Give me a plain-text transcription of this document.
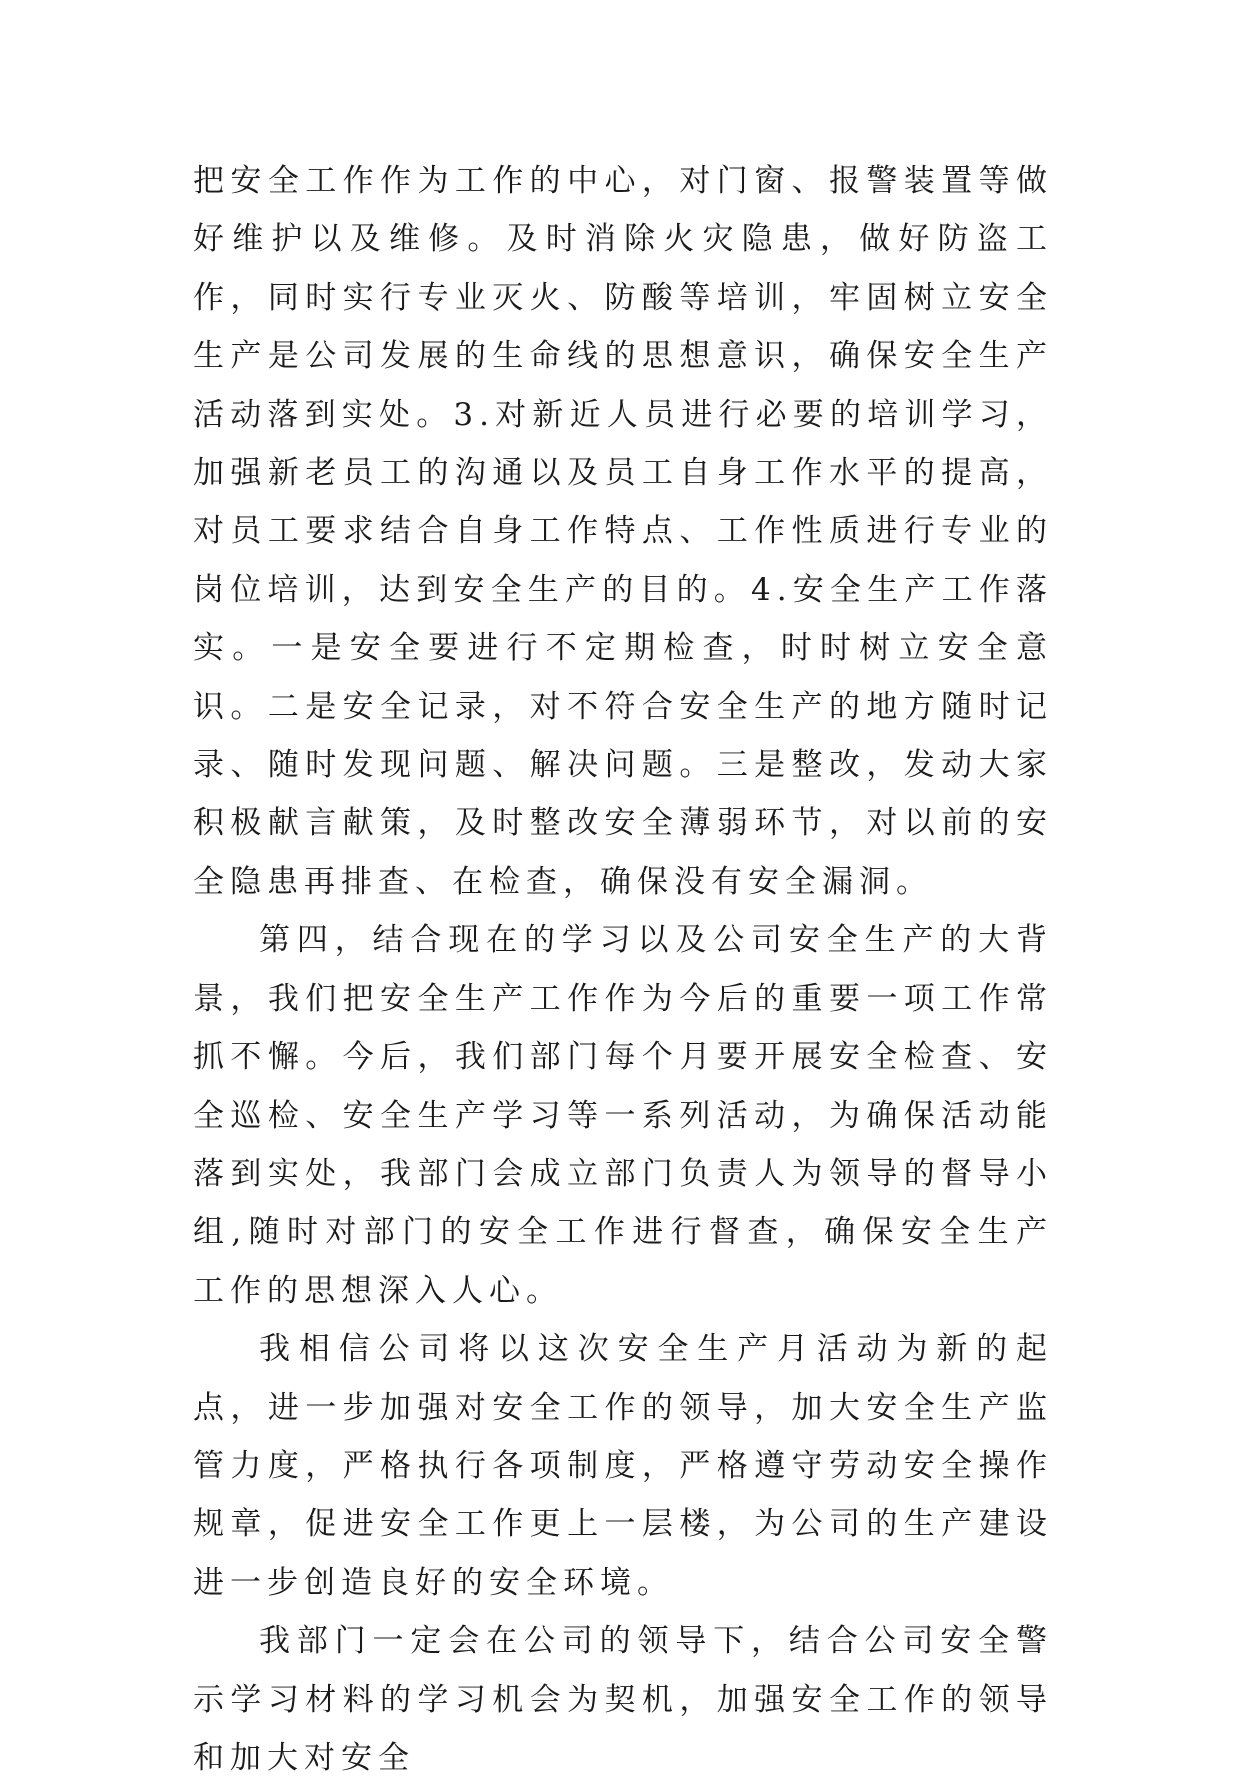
把安全工作作为工作的中心，对门窗、报警装置等做好维护以及维修。及时消除火灾隐患，做好防盗工作，同时实行专业灭火、防酸等培训，牢固树立安全生产是公司发展的生命线的思想意识，确保安全生产活动落到实处。3.对新近人员进行必要的培训学习，加强新老员工的沟通以及员工自身工作水平的提高，对员工要求结合自身工作特点、工作性质进行专业的岗位培训，达到安全生产的目的。4.安全生产工作落实。一是安全要进行不定期检查，时时树立安全意识。二是安全记录，对不符合安全生产的地方随时记录、随时发现问题、解决问题。三是整改，发动大家积极献言献策，及时整改安全薄弱环节，对以前的安全隐患再排查、在检查，确保没有安全漏洞。

第四，结合现在的学习以及公司安全生产的大背景，我们把安全生产工作作为今后的重要一项工作常抓不懈。今后，我们部门每个月要开展安全检查、安全巡检、安全生产学习等一系列活动，为确保活动能落到实处，我部门会成立部门负责人为领导的督导小组,随时对部门的安全工作进行督查，确保安全生产工作的思想深入人心。

我相信公司将以这次安全生产月活动为新的起点，进一步加强对安全工作的领导，加大安全生产监管力度，严格执行各项制度，严格遵守劳动安全操作规章，促进安全工作更上一层楼，为公司的生产建设进一步创造良好的安全环境。

我部门一定会在公司的领导下，结合公司安全警示学习材料的学习机会为契机，加强安全工作的领导和加大对安全
